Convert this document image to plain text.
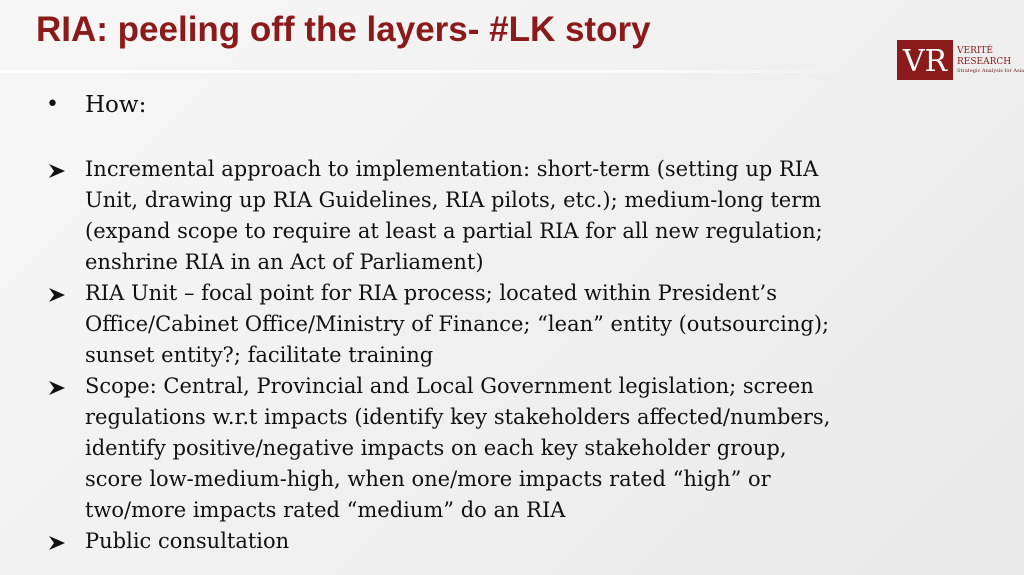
RIA: peeling off the layers- #LK story
VR VERITÉ
RESEARCH
Strategic Analysis for Asia
•	How:
Incremental approach to implementation: short-term (setting up RIA Unit, drawing up RIA Guidelines, RIA pilots, etc.); medium-long term (expand scope to require at least a partial RIA for all new regulation; enshrine RIA in an Act of Parliament)
RIA Unit – focal point for RIA process; located within President’s Office/Cabinet Office/Ministry of Finance; “lean” entity (outsourcing); sunset entity?; facilitate training
Scope: Central, Provincial and Local Government legislation; screen regulations w.r.t impacts (identify key stakeholders affected/numbers, identify positive/negative impacts on each key stakeholder group, score low-medium-high, when one/more impacts rated “high” or two/more impacts rated “medium” do an RIA
Public consultation
